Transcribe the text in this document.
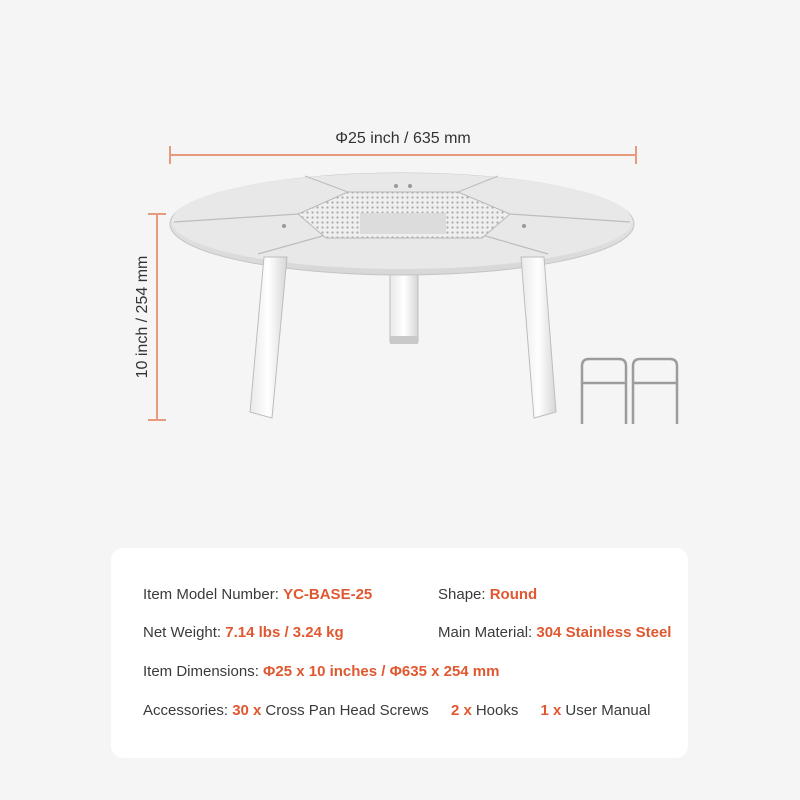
Φ25 inch / 635 mm
10 inch / 254 mm
Item Model Number: YC-BASE-25	Shape: Round
Net Weight: 7.14 lbs / 3.24 kg	Main Material: 304 Stainless Steel
Item Dimensions: Φ25 x 10 inches / Φ635 x 254 mm
Accessories: 30 x Cross Pan Head Screws 2 x Hooks 1 x User Manual
